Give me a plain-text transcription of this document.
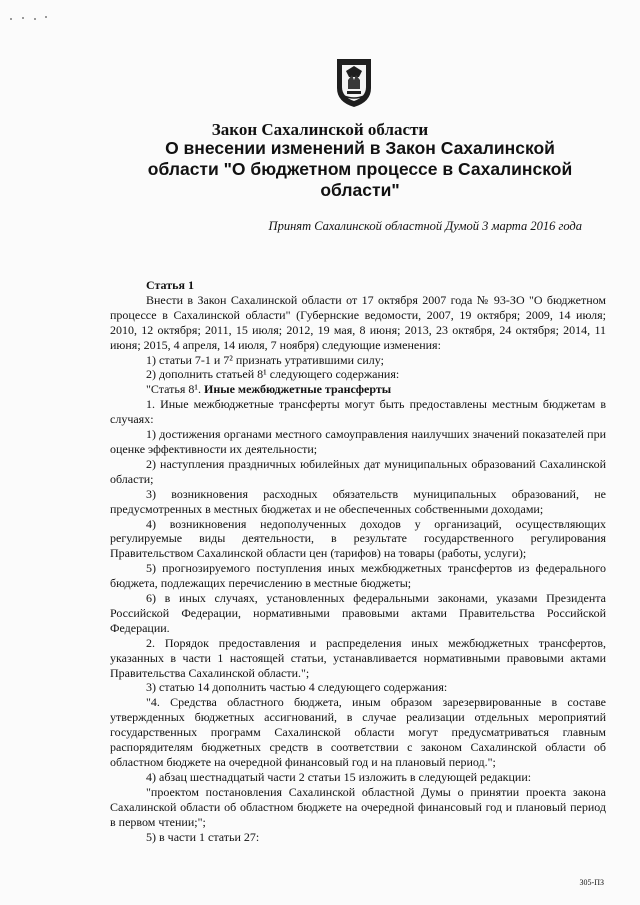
Закон Сахалинской области
О внесении изменений в Закон Сахалинской области "О бюджетном процессе в Сахалинской области"
Принят Сахалинской областной Думой 3 марта 2016 года

Статья 1

Внести в Закон Сахалинской области от 17 октября 2007 года № 93-ЗО "О бюджетном процессе в Сахалинской области" (Губернские ведомости, 2007, 19 октября; 2009, 14 июля; 2010, 12 октября; 2011, 15 июля; 2012, 19 мая, 8 июня; 2013, 23 октября, 24 октября; 2014, 11 июня; 2015, 4 апреля, 14 июля, 7 ноября) следующие изменения:

1) статьи 7-1 и 7² признать утратившими силу;

2) дополнить статьей 8¹ следующего содержания:

"Статья 8¹. Иные межбюджетные трансферты

1. Иные межбюджетные трансферты могут быть предоставлены местным бюджетам в случаях:

1) достижения органами местного самоуправления наилучших значений показателей при оценке эффективности их деятельности;

2) наступления праздничных юбилейных дат муниципальных образований Сахалинской области;

3) возникновения расходных обязательств муниципальных образований, не предусмотренных в местных бюджетах и не обеспеченных собственными доходами;

4) возникновения недополученных доходов у организаций, осуществляющих регулируемые виды деятельности, в результате государственного регулирования Правительством Сахалинской области цен (тарифов) на товары (работы, услуги);

5) прогнозируемого поступления иных межбюджетных трансфертов из федерального бюджета, подлежащих перечислению в местные бюджеты;

6) в иных случаях, установленных федеральными законами, указами Президента Российской Федерации, нормативными правовыми актами Правительства Российской Федерации.

2. Порядок предоставления и распределения иных межбюджетных трансфертов, указанных в части 1 настоящей статьи, устанавливается нормативными правовыми актами Правительства Сахалинской области.";

3) статью 14 дополнить частью 4 следующего содержания:

"4. Средства областного бюджета, иным образом зарезервированные в составе утвержденных бюджетных ассигнований, в случае реализации отдельных мероприятий государственных программ Сахалинской области могут предусматриваться главным распорядителям бюджетных средств в соответствии с законом Сахалинской области об областном бюджете на очередной финансовый год и на плановый период.";

4) абзац шестнадцатый части 2 статьи 15 изложить в следующей редакции:

"проектом постановления Сахалинской областной Думы о принятии проекта закона Сахалинской области об областном бюджете на очередной финансовый год и плановый период в первом чтении;";

5) в части 1 статьи 27:

305-ПЗ
